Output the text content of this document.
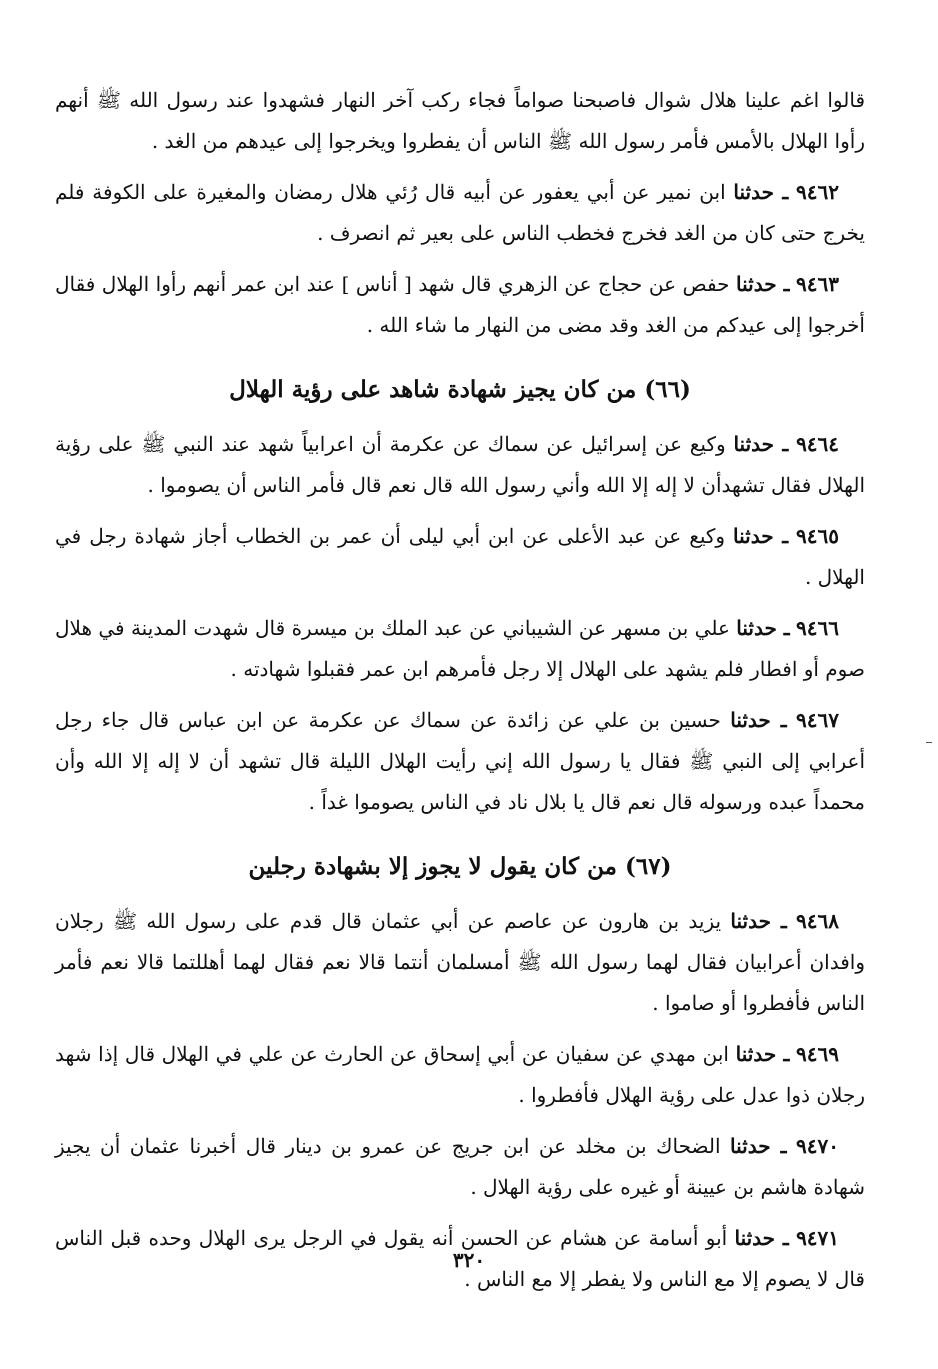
قالوا اغم علينا هلال شوال فاصبحنا صواماً فجاء ركب آخر النهار فشهدوا عند رسول الله ﷺ أنهم رأوا الهلال بالأمس فأمر رسول الله ﷺ الناس أن يفطروا ويخرجوا إلى عيدهم من الغد .

٩٤٦٢ ـ حدثنا ابن نمير عن أبي يعفور عن أبيه قال رُئي هلال رمضان والمغيرة على الكوفة فلم يخرج حتى كان من الغد فخرج فخطب الناس على بعير ثم انصرف .

٩٤٦٣ ـ حدثنا حفص عن حجاج عن الزهري قال شهد [ أناس ] عند ابن عمر أنهم رأوا الهلال فقال أخرجوا إلى عيدكم من الغد وقد مضى من النهار ما شاء الله .

(٦٦) من كان يجيز شهادة شاهد على رؤية الهلال

٩٤٦٤ ـ حدثنا وكيع عن إسرائيل عن سماك عن عكرمة أن اعرابياً شهد عند النبي ﷺ على رؤية الهلال فقال تشهدأن لا إله إلا الله وأني رسول الله قال نعم قال فأمر الناس أن يصوموا .

٩٤٦٥ ـ حدثنا وكيع عن عبد الأعلى عن ابن أبي ليلى أن عمر بن الخطاب أجاز شهادة رجل في الهلال .

٩٤٦٦ ـ حدثنا علي بن مسهر عن الشيباني عن عبد الملك بن ميسرة قال شهدت المدينة في هلال صوم أو افطار فلم يشهد على الهلال إلا رجل فأمرهم ابن عمر فقبلوا شهادته .

٩٤٦٧ ـ حدثنا حسين بن علي عن زائدة عن سماك عن عكرمة عن ابن عباس قال جاء رجل أعرابي إلى النبي ﷺ فقال يا رسول الله إني رأيت الهلال الليلة قال تشهد أن لا إله إلا الله وأن محمداً عبده ورسوله قال نعم قال يا بلال ناد في الناس يصوموا غداً .

(٦٧) من كان يقول لا يجوز إلا بشهادة رجلين

٩٤٦٨ ـ حدثنا يزيد بن هارون عن عاصم عن أبي عثمان قال قدم على رسول الله ﷺ رجلان وافدان أعرابيان فقال لهما رسول الله ﷺ أمسلمان أنتما قالا نعم فقال لهما أهللتما قالا نعم فأمر الناس فأفطروا أو صاموا .

٩٤٦٩ ـ حدثنا ابن مهدي عن سفيان عن أبي إسحاق عن الحارث عن علي في الهلال قال إذا شهد رجلان ذوا عدل على رؤية الهلال فأفطروا .

٩٤٧٠ ـ حدثنا الضحاك بن مخلد عن ابن جريج عن عمرو بن دينار قال أخبرنا عثمان أن يجيز شهادة هاشم بن عيينة أو غيره على رؤية الهلال .

٩٤٧١ ـ حدثنا أبو أسامة عن هشام عن الحسن أنه يقول في الرجل يرى الهلال وحده قبل الناس قال لا يصوم إلا مع الناس ولا يفطر إلا مع الناس .

٣٢٠
